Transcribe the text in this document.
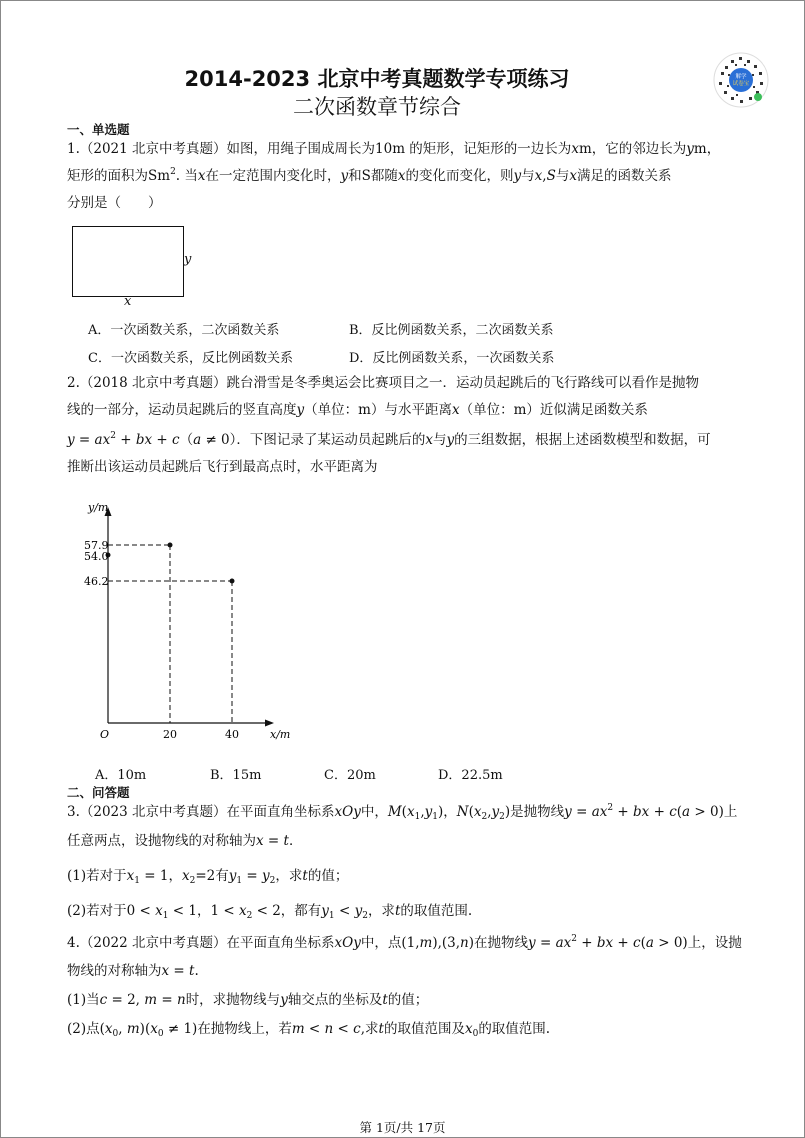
2014-2023 北京中考真题数学专项练习
二次函数章节综合
解学
试卷宝
一、单选题
1.（2021 北京中考真题）如图，用绳子围成周长为10m 的矩形，记矩形的一边长为xm，它的邻边长为ym，
矩形的面积为Sm$^2$. 当x在一定范围内变化时，y和S都随x的变化而变化，则y与x,S与x满足的函数关系
分别是（　　）
y
x
A．一次函数关系，二次函数关系	B．反比例函数关系，二次函数关系
C．一次函数关系，反比例函数关系	D．反比例函数关系，一次函数关系
2.（2018 北京中考真题）跳台滑雪是冬季奥运会比赛项目之一．运动员起跳后的飞行路线可以看作是抛物
线的一部分，运动员起跳后的竖直高度y（单位：m）与水平距离x（单位：m）近似满足函数关系
$y = ax^2$ + bx + c（a ≠ 0）．下图记录了某运动员起跳后的x与y的三组数据，根据上述函数模型和数据，可
推断出该运动员起跳后飞行到最高点时，水平距离为
y/m
57.9
54.0
46.2
O	20	40	x/m
A．10m	B．15m	C．20m	D．22.5m
二、问答题
3.（2023 北京中考真题）在平面直角坐标系xOy中，$M(x_1,y_1)$，$N(x_2,y_2)$是抛物线$y = ax^2$ + bx + c(a > 0)上
任意两点，设抛物线的对称轴为x = t．
(1)若对于$x_1 = 1$，$x_2=2$有$y_1 = y_2$，求t的值；
(2)若对于$0 < x_1 < 1$，$1 < x_2 < 2$，都有$y_1 < y_2$，求t的取值范围.
4.（2022 北京中考真题）在平面直角坐标系xOy中，点(1,m),(3,n)在抛物线$y = ax^2$ + bx + c(a > 0)上，设抛
物线的对称轴为x = t.
(1)当c = 2, m = n时，求抛物线与y轴交点的坐标及t的值；
(2)点($x_0$, $m)(x_0 \ne 1)$在抛物线上，若m < n < c,求t的取值范围及$x_0$的取值范围.
第 1页/共 17页
